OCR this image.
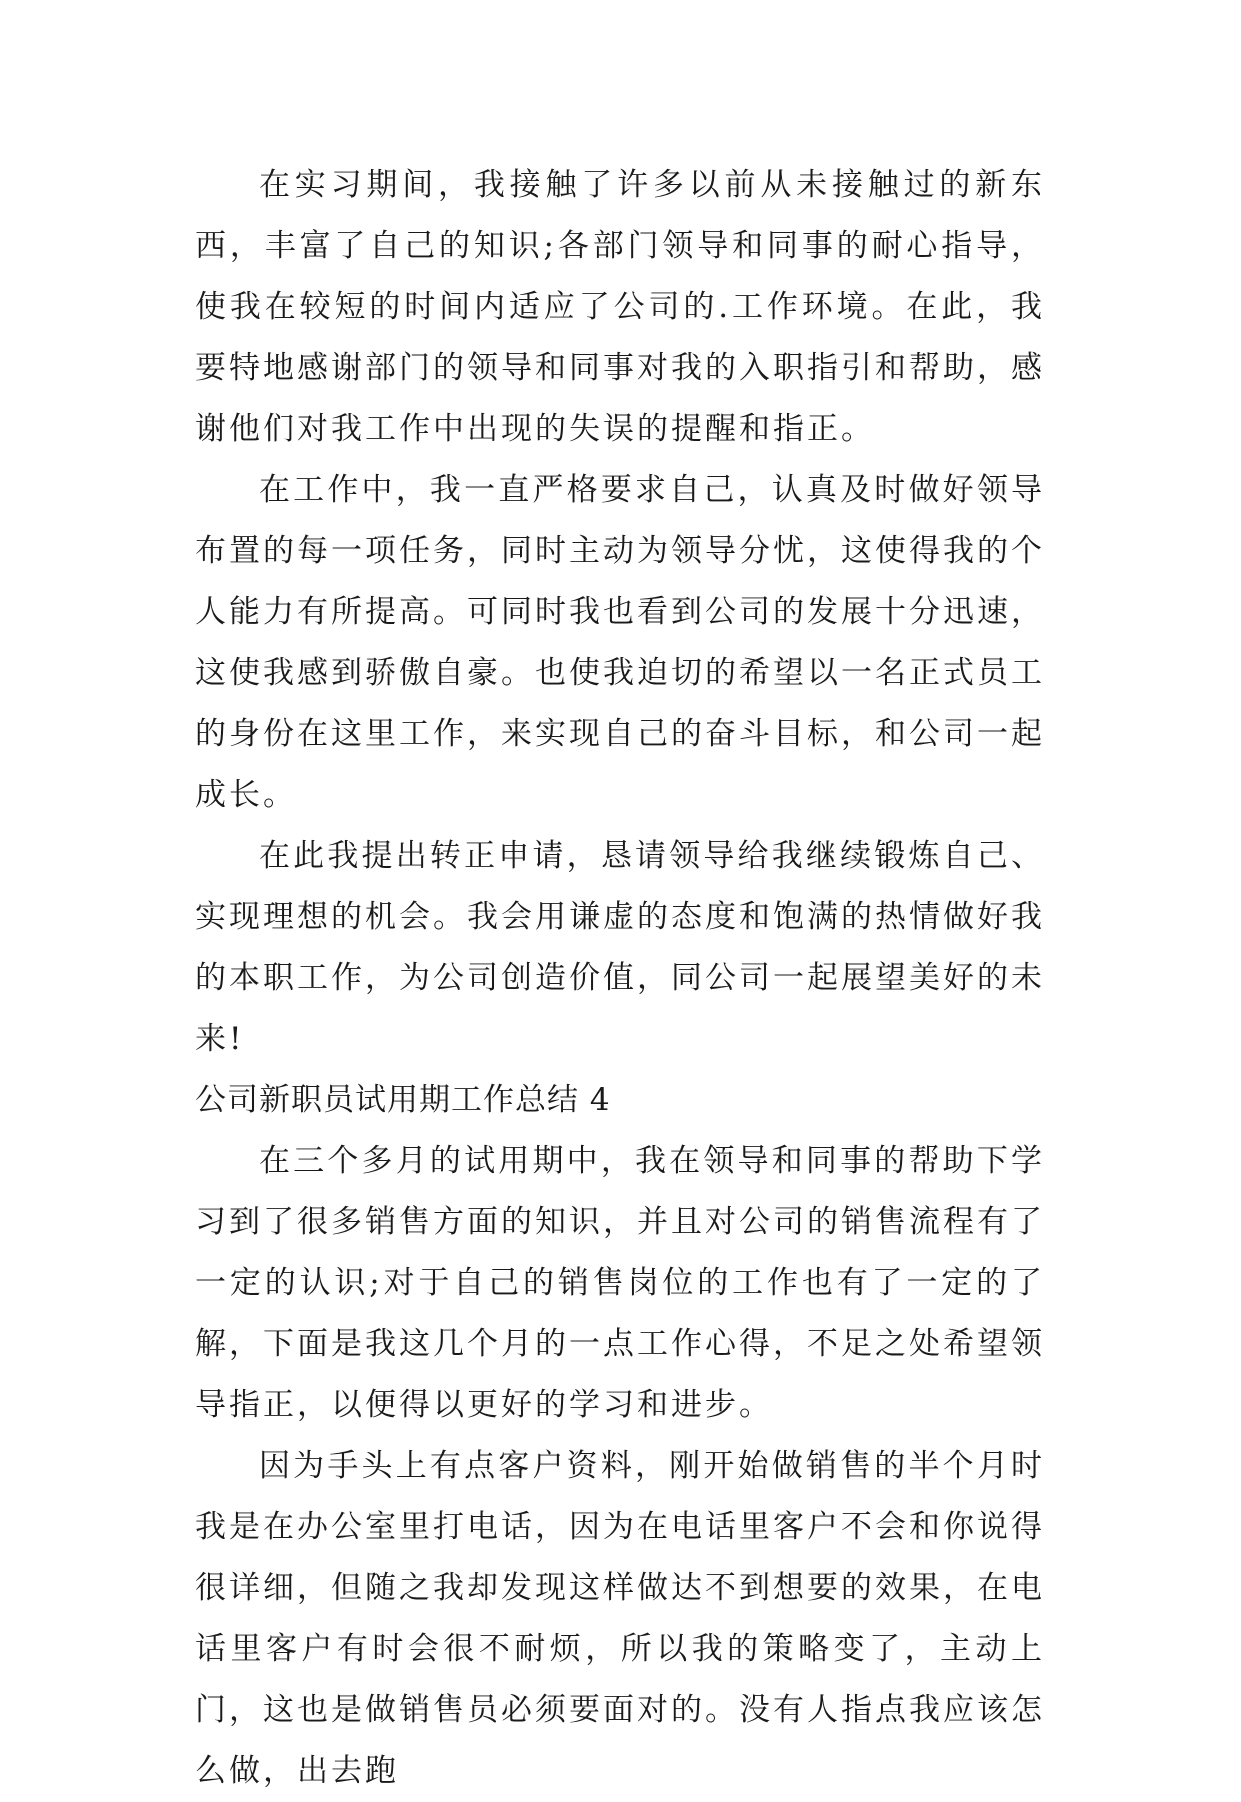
在实习期间，我接触了许多以前从未接触过的新东西，丰富了自己的知识;各部门领导和同事的耐心指导，使我在较短的时间内适应了公司的.工作环境。在此，我要特地感谢部门的领导和同事对我的入职指引和帮助，感谢他们对我工作中出现的失误的提醒和指正。

在工作中，我一直严格要求自己，认真及时做好领导布置的每一项任务，同时主动为领导分忧，这使得我的个人能力有所提高。可同时我也看到公司的发展十分迅速，这使我感到骄傲自豪。也使我迫切的希望以一名正式员工的身份在这里工作，来实现自己的奋斗目标，和公司一起成长。

在此我提出转正申请，恳请领导给我继续锻炼自己、实现理想的机会。我会用谦虚的态度和饱满的热情做好我的本职工作，为公司创造价值，同公司一起展望美好的未来!

公司新职员试用期工作总结 4

在三个多月的试用期中，我在领导和同事的帮助下学习到了很多销售方面的知识，并且对公司的销售流程有了一定的认识;对于自己的销售岗位的工作也有了一定的了解，下面是我这几个月的一点工作心得，不足之处希望领导指正，以便得以更好的学习和进步。

因为手头上有点客户资料，刚开始做销售的半个月时我是在办公室里打电话，因为在电话里客户不会和你说得很详细，但随之我却发现这样做达不到想要的效果，在电话里客户有时会很不耐烦，所以我的策略变了，主动上门，这也是做销售员必须要面对的。没有人指点我应该怎么做，出去跑
